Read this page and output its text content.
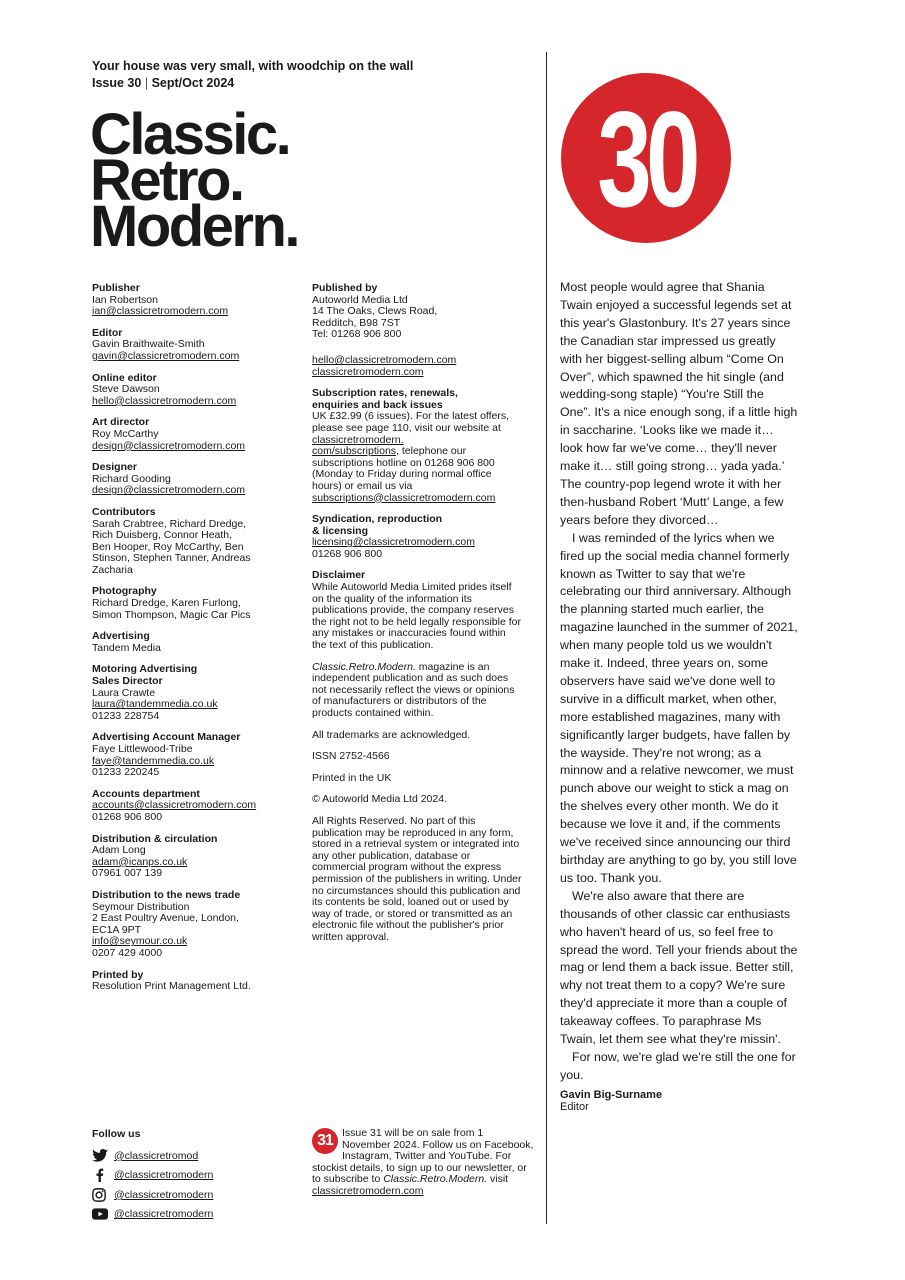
Your house was very small, with woodchip on the wall
Issue 30 | Sept/Oct 2024
Classic.
Retro.
Modern. 30
Publisher
Ian Robertson
ian@classicretromodern.com
Editor
Gavin Braithwaite-Smith
gavin@classicretromodern.com
Online editor
Steve Dawson
hello@classicretromodern.com
Art director
Roy McCarthy
design@classicretromodern.com
Designer
Richard Gooding
design@classicretromodern.com
Contributors
Sarah Crabtree, Richard Dredge,
Rich Duisberg, Connor Heath,
Ben Hooper, Roy McCarthy, Ben
Stinson, Stephen Tanner, Andreas
Zacharia
Photography
Richard Dredge, Karen Furlong,
Simon Thompson, Magic Car Pics
Advertising
Tandem Media
Motoring Advertising
Sales Director
Laura Crawte
laura@tandemmedia.co.uk
01233 228754
Advertising Account Manager
Faye Littlewood-Tribe
faye@tandemmedia.co.uk
01233 220245
Accounts department
accounts@classicretromodern.com
01268 906 800
Distribution & circulation
Adam Long
adam@icanps.co.uk
07961 007 139
Distribution to the news trade
Seymour Distribution
2 East Poultry Avenue, London,
EC1A 9PT
info@seymour.co.uk
0207 429 4000
Printed by
Resolution Print Management Ltd.
Published by
Autoworld Media Ltd
14 The Oaks, Clews Road,
Redditch, B98 7ST
Tel: 01268 906 800
hello@classicretromodern.com
classicretromodern.com
Subscription rates, renewals,
enquiries and back issues
UK £32.99 (6 issues). For the latest offers, please see page 110, visit our website at classicretromodern.
com/subscriptions, telephone our subscriptions hotline on 01268 906 800 (Monday to Friday during normal office hours) or email us via subscriptions@classicretromodern.com
Syndication, reproduction
& licensing
licensing@classicretromodern.com
01268 906 800
Disclaimer
While Autoworld Media Limited prides itself on the quality of the information its publications provide, the company reserves the right not to be held legally responsible for any mistakes or inaccuracies found within the text of this publication.
Classic.Retro.Modern. magazine is an independent publication and as such does not necessarily reflect the views or opinions of manufacturers or distributors of the products contained within.
All trademarks are acknowledged.
ISSN 2752-4566
Printed in the UK
© Autoworld Media Ltd 2024.
All Rights Reserved. No part of this publication may be reproduced in any form, stored in a retrieval system or integrated into any other publication, database or commercial program without the express permission of the publishers in writing. Under no circumstances should this publication and its contents be sold, loaned out or used by way of trade, or stored or transmitted as an electronic file without the publisher's prior written approval.
Follow us
@classicretromod
@classicretromodern
@classicretromodern
@classicretromodern
31 Issue 31 will be on sale from 1 November 2024. Follow us on Facebook, Instagram, Twitter and YouTube. For stockist details, to sign up to our newsletter, or to subscribe to Classic.Retro.Modern. visit classicretromodern.com

Most people would agree that Shania Twain enjoyed a successful legends set at this year's Glastonbury. It's 27 years since the Canadian star impressed us greatly with her biggest-selling album “Come On Over”, which spawned the hit single (and wedding-song staple) “You're Still the One”. It's a nice enough song, if a little high in saccharine. ‘Looks like we made it… look how far we've come… they'll never make it… still going strong… yada yada.’ The country-pop legend wrote it with her then-husband Robert ‘Mutt’ Lange, a few years before they divorced…

I was reminded of the lyrics when we fired up the social media channel formerly known as Twitter to say that we're celebrating our third anniversary. Although the planning started much earlier, the magazine launched in the summer of 2021, when many people told us we wouldn't make it. Indeed, three years on, some observers have said we've done well to survive in a difficult market, when other, more established magazines, many with significantly larger budgets, have fallen by the wayside. They're not wrong; as a minnow and a relative newcomer, we must punch above our weight to stick a mag on the shelves every other month. We do it because we love it and, if the comments we've received since announcing our third birthday are anything to go by, you still love us too. Thank you.

We're also aware that there are thousands of other classic car enthusiasts who haven't heard of us, so feel free to spread the word. Tell your friends about the mag or lend them a back issue. Better still, why not treat them to a copy? We're sure they'd appreciate it more than a couple of takeaway coffees. To paraphrase Ms Twain, let them see what they're missin'.

For now, we're glad we're still the one for you.

Gavin Big-Surname
Editor
